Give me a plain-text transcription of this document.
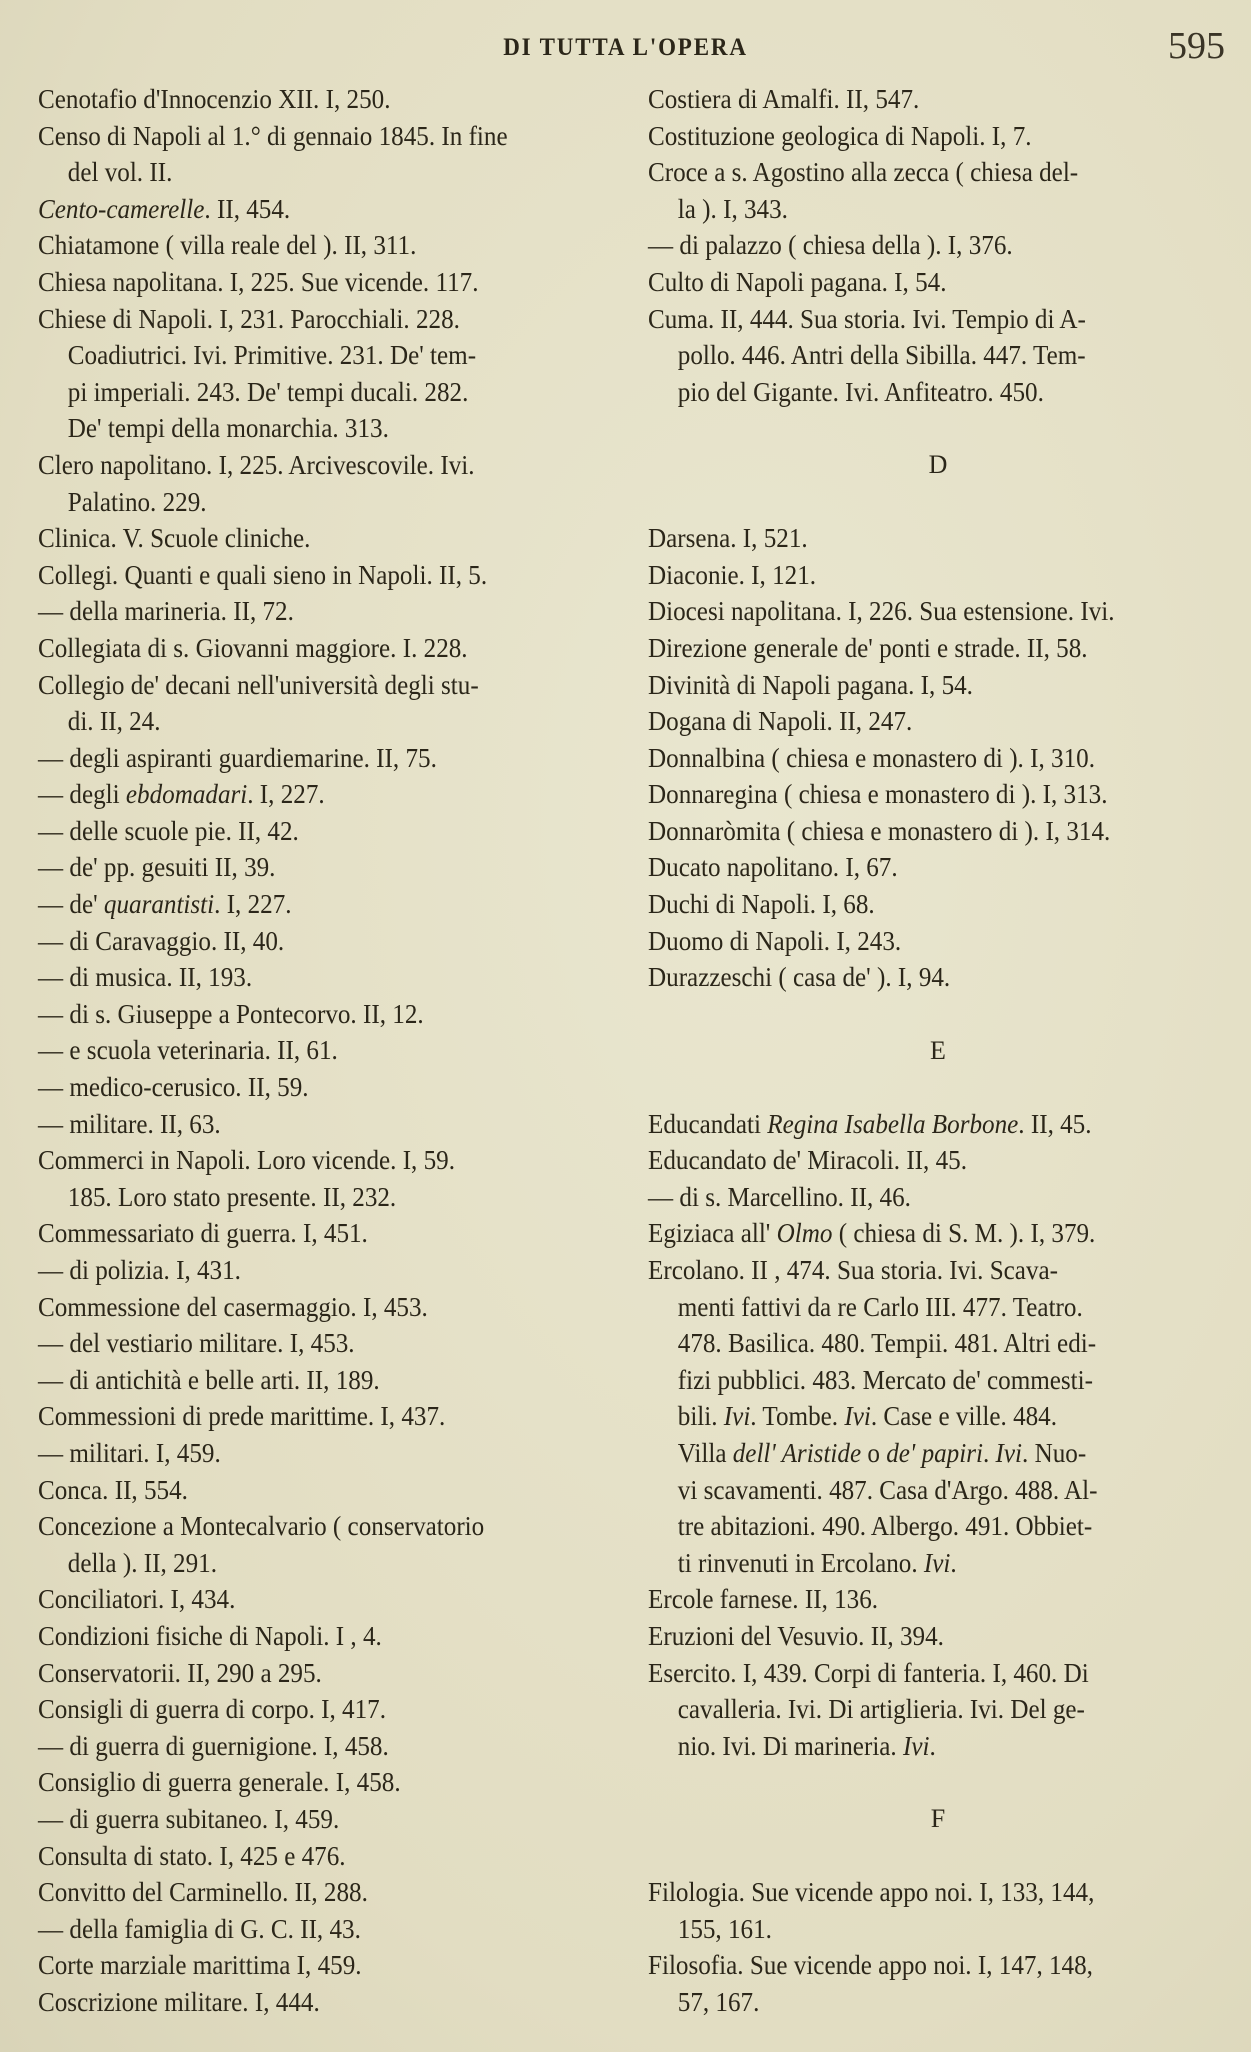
DI TUTTA L'OPERA	595
Cenotafio d'Innocenzio XII. I, 250.
Censo di Napoli al 1.° di gennaio 1845. In fine
del vol. II.
Cento-camerelle. II, 454.
Chiatamone ( villa reale del ). II, 311.
Chiesa napolitana. I, 225. Sue vicende. 117.
Chiese di Napoli. I, 231. Parocchiali. 228.
Coadiutrici. Ivi. Primitive. 231. De' tem-
pi imperiali. 243. De' tempi ducali. 282.
De' tempi della monarchia. 313.
Clero napolitano. I, 225. Arcivescovile. Ivi.
Palatino. 229.
Clinica. V. Scuole cliniche.
Collegi. Quanti e quali sieno in Napoli. II, 5.
— della marineria. II, 72.
Collegiata di s. Giovanni maggiore. I. 228.
Collegio de' decani nell'università degli stu-
di. II, 24.
— degli aspiranti guardiemarine. II, 75.
— degli ebdomadari. I, 227.
— delle scuole pie. II, 42.
— de' pp. gesuiti II, 39.
— de' quarantisti. I, 227.
— di Caravaggio. II, 40.
— di musica. II, 193.
— di s. Giuseppe a Pontecorvo. II, 12.
— e scuola veterinaria. II, 61.
— medico-cerusico. II, 59.
— militare. II, 63.
Commerci in Napoli. Loro vicende. I, 59.
185. Loro stato presente. II, 232.
Commessariato di guerra. I, 451.
— di polizia. I, 431.
Commessione del casermaggio. I, 453.
— del vestiario militare. I, 453.
— di antichità e belle arti. II, 189.
Commessioni di prede marittime. I, 437.
— militari. I, 459.
Conca. II, 554.
Concezione a Montecalvario ( conservatorio
della ). II, 291.
Conciliatori. I, 434.
Condizioni fisiche di Napoli. I , 4.
Conservatorii. II, 290 a 295.
Consigli di guerra di corpo. I, 417.
— di guerra di guernigione. I, 458.
Consiglio di guerra generale. I, 458.
— di guerra subitaneo. I, 459.
Consulta di stato. I, 425 e 476.
Convitto del Carminello. II, 288.
— della famiglia di G. C. II, 43.
Corte marziale marittima I, 459.
Coscrizione militare. I, 444.
Costiera di Amalfi. II, 547.
Costituzione geologica di Napoli. I, 7.
Croce a s. Agostino alla zecca ( chiesa del-
la ). I, 343.
— di palazzo ( chiesa della ). I, 376.
Culto di Napoli pagana. I, 54.
Cuma. II, 444. Sua storia. Ivi. Tempio di A-
pollo. 446. Antri della Sibilla. 447. Tem-
pio del Gigante. Ivi. Anfiteatro. 450.
D
Darsena. I, 521.
Diaconie. I, 121.
Diocesi napolitana. I, 226. Sua estensione. Ivi.
Direzione generale de' ponti e strade. II, 58.
Divinità di Napoli pagana. I, 54.
Dogana di Napoli. II, 247.
Donnalbina ( chiesa e monastero di ). I, 310.
Donnaregina ( chiesa e monastero di ). I, 313.
Donnaròmita ( chiesa e monastero di ). I, 314.
Ducato napolitano. I, 67.
Duchi di Napoli. I, 68.
Duomo di Napoli. I, 243.
Durazzeschi ( casa de' ). I, 94.
E
Educandati Regina Isabella Borbone. II, 45.
Educandato de' Miracoli. II, 45.
— di s. Marcellino. II, 46.
Egiziaca all' Olmo ( chiesa di S. M. ). I, 379.
Ercolano. II , 474. Sua storia. Ivi. Scava-
menti fattivi da re Carlo III. 477. Teatro.
478. Basilica. 480. Tempii. 481. Altri edi-
fizi pubblici. 483. Mercato de' commesti-
bili. Ivi. Tombe. Ivi. Case e ville. 484.
Villa dell' Aristide o de' papiri. Ivi. Nuo-
vi scavamenti. 487. Casa d'Argo. 488. Al-
tre abitazioni. 490. Albergo. 491. Obbiet-
ti rinvenuti in Ercolano. Ivi.
Ercole farnese. II, 136.
Eruzioni del Vesuvio. II, 394.
Esercito. I, 439. Corpi di fanteria. I, 460. Di
cavalleria. Ivi. Di artiglieria. Ivi. Del ge-
nio. Ivi. Di marineria. Ivi.
F
Filologia. Sue vicende appo noi. I, 133, 144,
155, 161.
Filosofia. Sue vicende appo noi. I, 147, 148,
57, 167.
